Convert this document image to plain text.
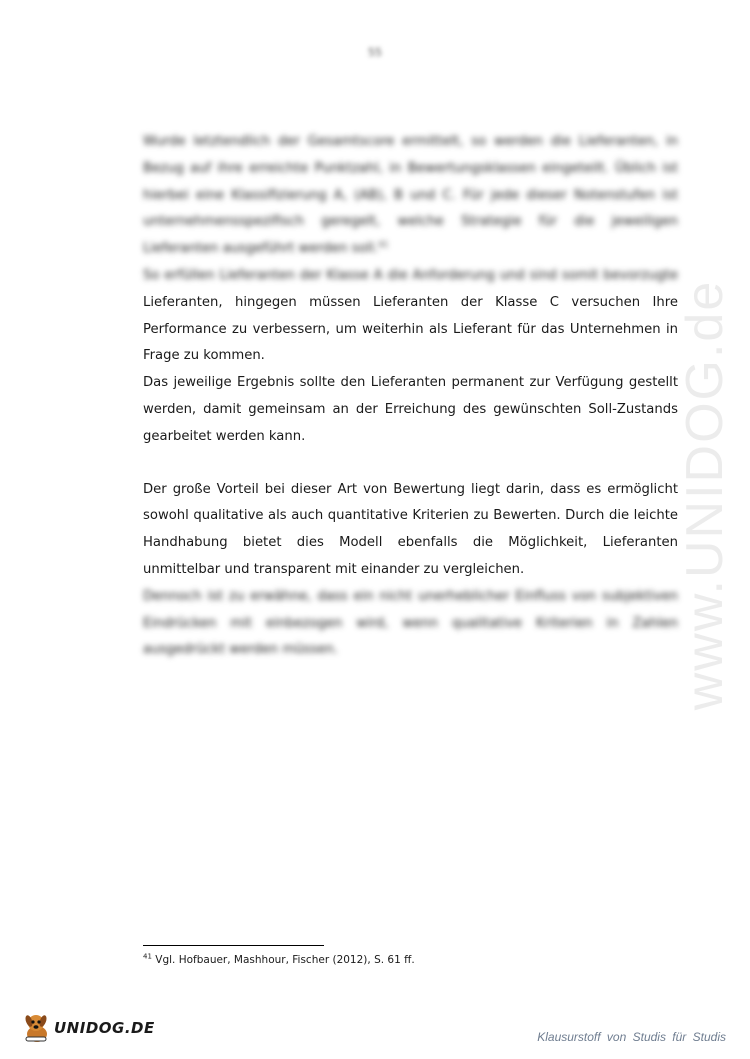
55
www.UNIDOG.de

Wurde letztendlich der Gesamtscore ermittelt, so werden die Lieferanten, in Bezug auf ihre erreichte Punktzahl, in Bewertungsklassen eingeteilt. Üblich ist hierbei eine Klassifizierung A, (AB), B und C. Für jede dieser Notenstufen ist unternehmensspezifisch geregelt, welche Strategie für die jeweiligen Lieferanten ausgeführt werden soll.$^{41}$

So erfüllen Lieferanten der Klasse A die Anforderung und sind somit bevorzugte Lieferanten, hingegen müssen Lieferanten der Klasse C versuchen Ihre Performance zu verbessern, um weiterhin als Lieferant für das Unternehmen in Frage zu kommen.

Das jeweilige Ergebnis sollte den Lieferanten permanent zur Verfügung gestellt werden, damit gemeinsam an der Erreichung des gewünschten Soll-Zustands gearbeitet werden kann.

Der große Vorteil bei dieser Art von Bewertung liegt darin, dass es ermöglicht sowohl qualitative als auch quantitative Kriterien zu Bewerten. Durch die leichte Handhabung bietet dies Modell ebenfalls die Möglichkeit, Lieferanten unmittelbar und transparent mit einander zu vergleichen.

Dennoch ist zu erwähne, dass ein nicht unerheblicher Einfluss von subjektiven Eindrücken mit einbezogen wird, wenn qualitative Kriterien in Zahlen ausgedrückt werden müssen.

$^{41}$ Vgl. Hofbauer, Mashhour, Fischer (2012), S. 61 ff.
UNIDOG.DE	Klausurstoff von Studis für Studis
